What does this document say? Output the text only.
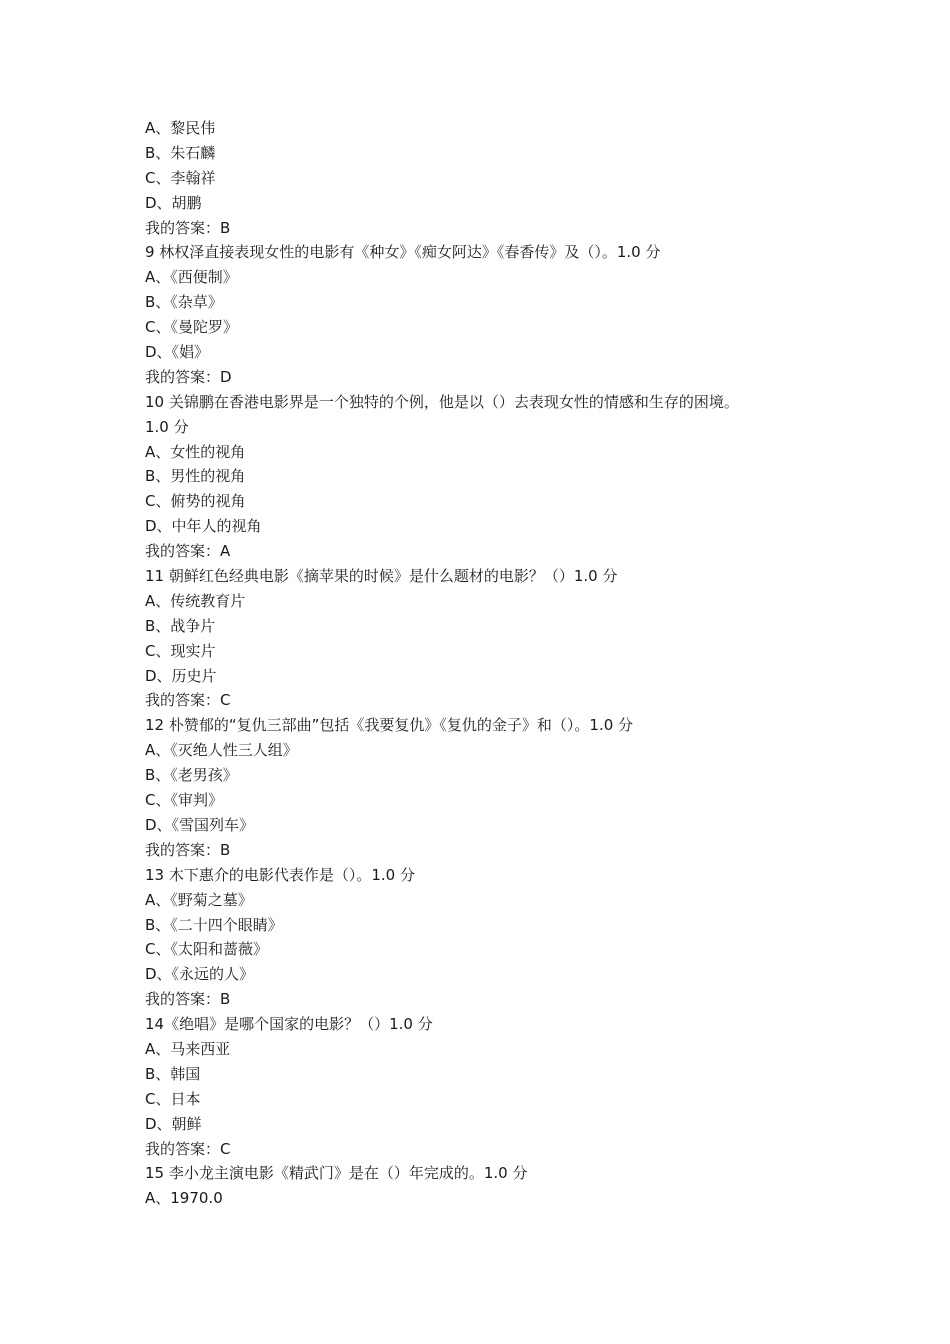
A、黎民伟
B、朱石麟
C、李翰祥
D、胡鹏
我的答案：B
9 林权泽直接表现女性的电影有《种女》《痴女阿达》《春香传》及（）。1.0 分
A、《西便制》
B、《杂草》
C、《曼陀罗》
D、《娼》
我的答案：D
10 关锦鹏在香港电影界是一个独特的个例，他是以（）去表现女性的情感和生存的困境。
1.0 分
A、女性的视角
B、男性的视角
C、俯势的视角
D、中年人的视角
我的答案：A
11 朝鲜红色经典电影《摘苹果的时候》是什么题材的电影？（）1.0 分
A、传统教育片
B、战争片
C、现实片
D、历史片
我的答案：C
12 朴赞郁的“复仇三部曲”包括《我要复仇》《复仇的金子》和（）。1.0 分
A、《灭绝人性三人组》
B、《老男孩》
C、《审判》
D、《雪国列车》
我的答案：B
13 木下惠介的电影代表作是（）。1.0 分
A、《野菊之墓》
B、《二十四个眼睛》
C、《太阳和蔷薇》
D、《永远的人》
我的答案：B
14《绝唱》是哪个国家的电影？（）1.0 分
A、马来西亚
B、韩国
C、日本
D、朝鲜
我的答案：C
15 李小龙主演电影《精武门》是在（）年完成的。1.0 分
A、1970.0
